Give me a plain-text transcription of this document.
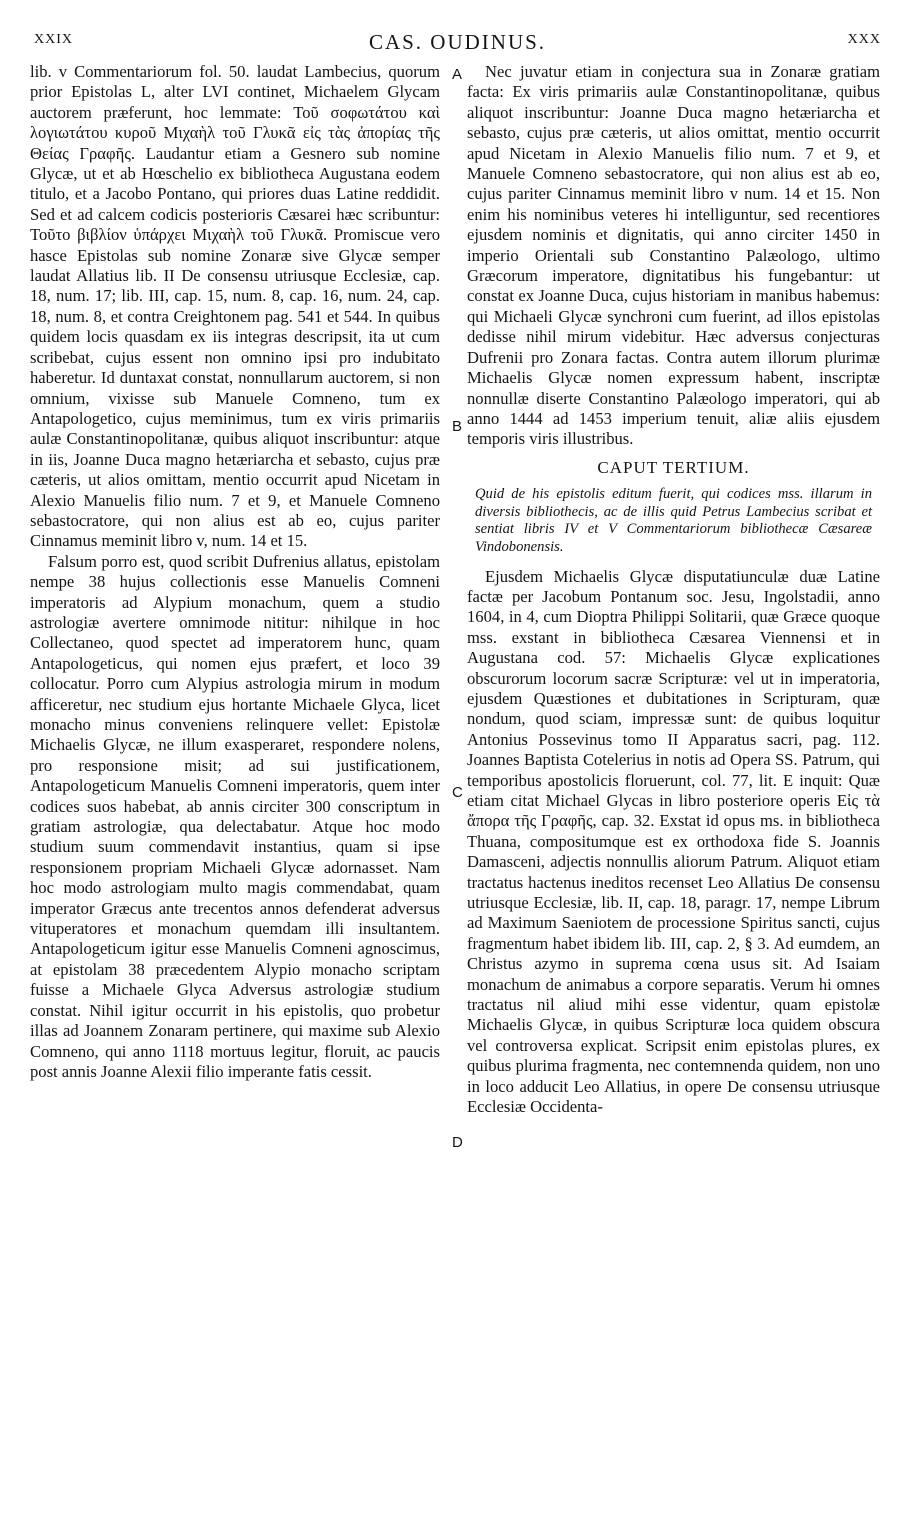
XXIX	CAS. OUDINUS.	XXX
A
B
C
D

lib. v Commentariorum fol. 50. laudat Lambecius, quorum prior Epistolas L, alter LVI continet, Michaelem Glycam auctorem præferunt, hoc lemmate: Τοῦ σοφωτάτου καὶ λογιωτάτου κυροῦ Μιχαὴλ τοῦ Γλυκᾶ εἰς τὰς ἀπορίας τῆς Θείας Γραφῆς. Laudantur etiam a Gesnero sub nomine Glycæ, ut et ab Hœschelio ex bibliotheca Augustana eodem titulo, et a Jacobo Pontano, qui priores duas Latine reddidit. Sed et ad calcem codicis posterioris Cæsarei hæc scribuntur: Τοῦτο βιβλίον ὑπάρχει Μιχαὴλ τοῦ Γλυκᾶ. Promiscue vero hasce Epistolas sub nomine Zonaræ sive Glycæ semper laudat Allatius lib. II De consensu utriusque Ecclesiæ, cap. 18, num. 17; lib. III, cap. 15, num. 8, cap. 16, num. 24, cap. 18, num. 8, et contra Creightonem pag. 541 et 544. In quibus quidem locis quasdam ex iis integras descripsit, ita ut cum scribebat, cujus essent non omnino ipsi pro indubitato haberetur. Id duntaxat constat, nonnullarum auctorem, si non omnium, vixisse sub Manuele Comneno, tum ex Antapologetico, cujus meminimus, tum ex viris primariis aulæ Constantinopolitanæ, quibus aliquot inscribuntur: atque in iis, Joanne Duca magno hetæriarcha et sebasto, cujus præ cæteris, ut alios omittam, mentio occurrit apud Nicetam in Alexio Manuelis filio num. 7 et 9, et Manuele Comneno sebastocratore, qui non alius est ab eo, cujus pariter Cinnamus meminit libro v, num. 14 et 15.

Falsum porro est, quod scribit Dufrenius allatus, epistolam nempe 38 hujus collectionis esse Manuelis Comneni imperatoris ad Alypium monachum, quem a studio astrologiæ avertere omnimode nititur: nihilque in hoc Collectaneo, quod spectet ad imperatorem hunc, quam Antapologeticus, qui nomen ejus præfert, et loco 39 collocatur. Porro cum Alypius astrologia mirum in modum afficeretur, nec studium ejus hortante Michaele Glyca, licet monacho minus conveniens relinquere vellet: Epistolæ Michaelis Glycæ, ne illum exasperaret, respondere nolens, pro responsione misit; ad sui justificationem, Antapologeticum Manuelis Comneni imperatoris, quem inter codices suos habebat, ab annis circiter 300 conscriptum in gratiam astrologiæ, qua delectabatur. Atque hoc modo studium suum commendavit instantius, quam si ipse responsionem propriam Michaeli Glycæ adornasset. Nam hoc modo astrologiam multo magis commendabat, quam imperator Græcus ante trecentos annos defenderat adversus vituperatores et monachum quemdam illi insultantem. Antapologeticum igitur esse Manuelis Comneni agnoscimus, at epistolam 38 præcedentem Alypio monacho scriptam fuisse a Michaele Glyca Adversus astrologiæ studium constat. Nihil igitur occurrit in his epistolis, quo probetur illas ad Joannem Zonaram pertinere, qui maxime sub Alexio Comneno, qui anno 1118 mortuus legitur, floruit, ac paucis post annis Joanne Alexii filio imperante fatis cessit.

Nec juvatur etiam in conjectura sua in Zonaræ gratiam facta: Ex viris primariis aulæ Constantinopolitanæ, quibus aliquot inscribuntur: Joanne Duca magno hetæriarcha et sebasto, cujus præ cæteris, ut alios omittat, mentio occurrit apud Nicetam in Alexio Manuelis filio num. 7 et 9, et Manuele Comneno sebastocratore, qui non alius est ab eo, cujus pariter Cinnamus meminit libro v num. 14 et 15. Non enim his nominibus veteres hi intelliguntur, sed recentiores ejusdem nominis et dignitatis, qui anno circiter 1450 in imperio Orientali sub Constantino Palæologo, ultimo Græcorum imperatore, dignitatibus his fungebantur: ut constat ex Joanne Duca, cujus historiam in manibus habemus: qui Michaeli Glycæ synchroni cum fuerint, ad illos epistolas dedisse nihil mirum videbitur. Hæc adversus conjecturas Dufrenii pro Zonara factas. Contra autem illorum plurimæ Michaelis Glycæ nomen expressum habent, inscriptæ nonnullæ diserte Constantino Palæologo imperatori, qui ab anno 1444 ad 1453 imperium tenuit, aliæ aliis ejusdem temporis viris illustribus.

CAPUT TERTIUM.
Quid de his epistolis editum fuerit, qui codices mss. illarum in diversis bibliothecis, ac de illis quid Petrus Lambecius scribat et sentiat libris IV et V Commentariorum bibliothecæ Cæsareæ Vindobonensis.

Ejusdem Michaelis Glycæ disputatiunculæ duæ Latine factæ per Jacobum Pontanum soc. Jesu, Ingolstadii, anno 1604, in 4, cum Dioptra Philippi Solitarii, quæ Græce quoque mss. exstant in bibliotheca Cæsarea Viennensi et in Augustana cod. 57: Michaelis Glycæ explicationes obscurorum locorum sacræ Scripturæ: vel ut in imperatoria, ejusdem Quæstiones et dubitationes in Scripturam, quæ nondum, quod sciam, impressæ sunt: de quibus loquitur Antonius Possevinus tomo II Apparatus sacri, pag. 112. Joannes Baptista Cotelerius in notis ad Opera SS. Patrum, qui temporibus apostolicis floruerunt, col. 77, lit. E inquit: Quæ etiam citat Michael Glycas in libro posteriore operis Εἰς τὰ ἄπορα τῆς Γραφῆς, cap. 32. Exstat id opus ms. in bibliotheca Thuana, compositumque est ex orthodoxa fide S. Joannis Damasceni, adjectis nonnullis aliorum Patrum. Aliquot etiam tractatus hactenus ineditos recenset Leo Allatius De consensu utriusque Ecclesiæ, lib. II, cap. 18, paragr. 17, nempe Librum ad Maximum Saeniotem de processione Spiritus sancti, cujus fragmentum habet ibidem lib. III, cap. 2, § 3. Ad eumdem, an Christus azymo in suprema cœna usus sit. Ad Isaiam monachum de animabus a corpore separatis. Verum hi omnes tractatus nil aliud mihi esse videntur, quam epistolæ Michaelis Glycæ, in quibus Scripturæ loca quidem obscura vel controversa explicat. Scripsit enim epistolas plures, ex quibus plurima fragmenta, nec contemnenda quidem, non uno in loco adducit Leo Allatius, in opere De consensu utriusque Ecclesiæ Occidenta-
